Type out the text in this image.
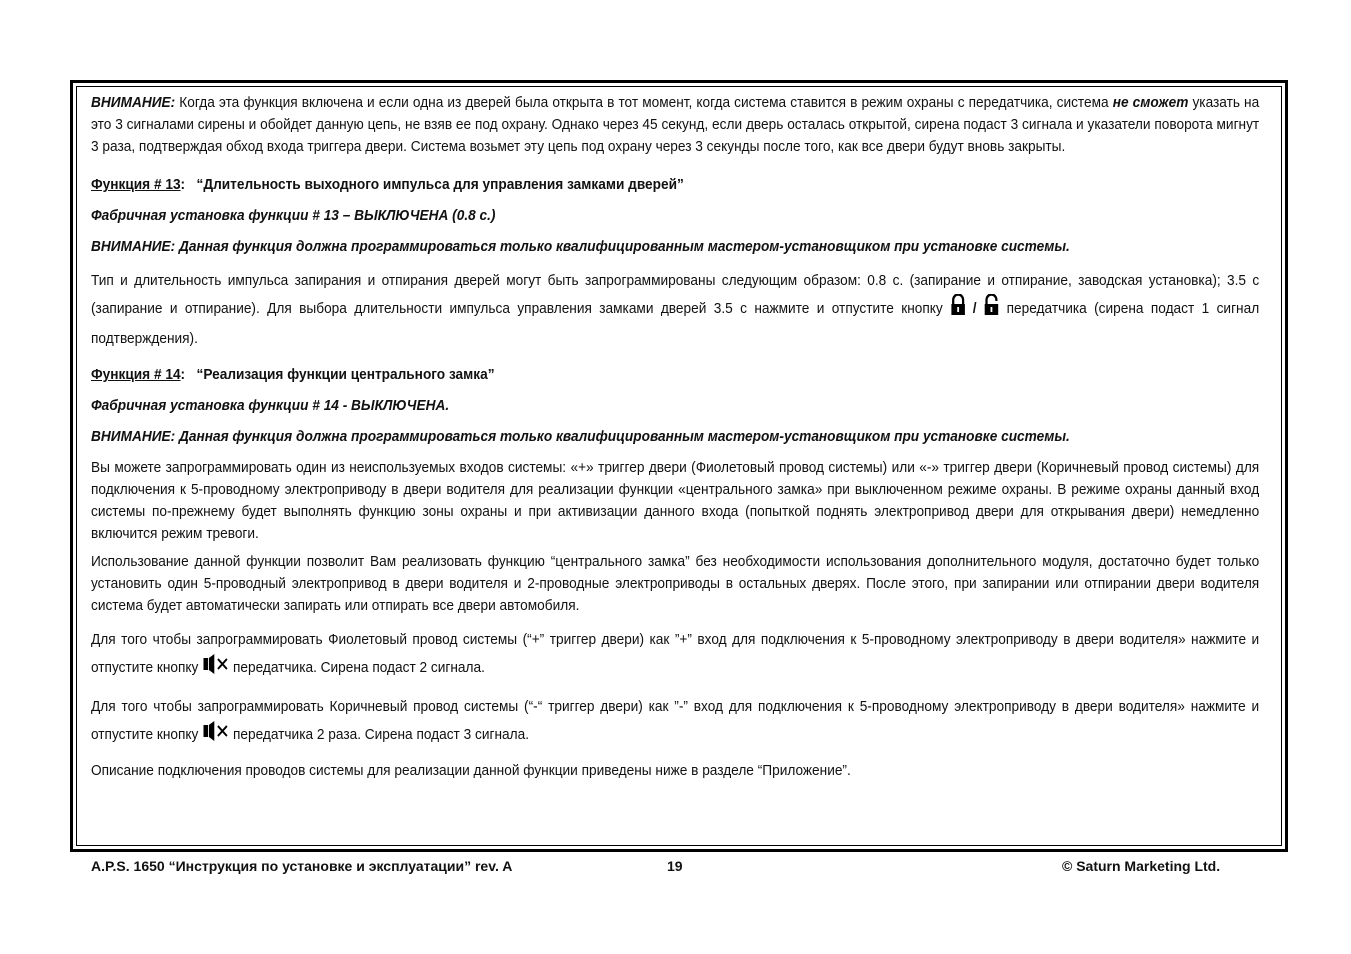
ВНИМАНИЕ: Когда эта функция включена и если одна из дверей была открыта в тот момент, когда система ставится в режим охраны с передатчика, система не сможет указать на это 3 сигналами сирены и обойдет данную цепь, не взяв ее под охрану. Однако через 45 секунд, если дверь осталась открытой, сирена подаст 3 сигнала и указатели поворота мигнут 3 раза, подтверждая обход входа триггера двери. Система возьмет эту цепь под охрану через 3 секунды после того, как все двери будут вновь закрыты.

Функция # 13: “Длительность выходного импульса для управления замками дверей”

Фабричная установка функции # 13 – ВЫКЛЮЧЕНА (0.8 с.)

ВНИМАНИЕ: Данная функция должна программироваться только квалифицированным мастером-установщиком при установке системы.

Тип и длительность импульса запирания и отпирания дверей могут быть запрограммированы следующим образом: 0.8 с. (запирание и отпирание, заводская установка); 3.5 с (запирание и отпирание). Для выбора длительности импульса управления замками дверей 3.5 с нажмите и отпустите кнопку  /  передатчика (сирена подаст 1 сигнал подтверждения).

Функция # 14: “Реализация функции центрального замка”

Фабричная установка функции # 14 - ВЫКЛЮЧЕНА.

ВНИМАНИЕ: Данная функция должна программироваться только квалифицированным мастером-установщиком при установке системы.

Вы можете запрограммировать один из неиспользуемых входов системы: «+» триггер двери (Фиолетовый провод системы) или «-» триггер двери (Коричневый провод системы) для подключения к 5-проводному электроприводу в двери водителя для реализации функции «центрального замка» при выключенном режиме охраны. В режиме охраны данный вход системы по-прежнему будет выполнять функцию зоны охраны и при активизации данного входа (попыткой поднять электропривод двери для открывания двери) немедленно включится режим тревоги.

Использование данной функции позволит Вам реализовать функцию “центрального замка” без необходимости использования дополнительного модуля, достаточно будет только установить один 5-проводный электропривод в двери водителя и 2-проводные электроприводы в остальных дверях. После этого, при запирании или отпирании двери водителя система будет автоматически запирать или отпирать все двери автомобиля.

Для того чтобы запрограммировать Фиолетовый провод системы (“+” триггер двери) как ”+” вход для подключения к 5-проводному электроприводу в двери водителя» нажмите и отпустите кнопку  передатчика. Сирена подаст 2 сигнала.

Для того чтобы запрограммировать Коричневый провод системы (“-“ триггер двери) как ”-” вход для подключения к 5-проводному электроприводу в двери водителя» нажмите и отпустите кнопку  передатчика 2 раза. Сирена подаст 3 сигнала.

Описание подключения проводов системы для реализации данной функции приведены ниже в разделе “Приложение”.

A.P.S. 1650 “Инструкция по установке и эксплуатации” rev. A	19	© Saturn Marketing Ltd.
